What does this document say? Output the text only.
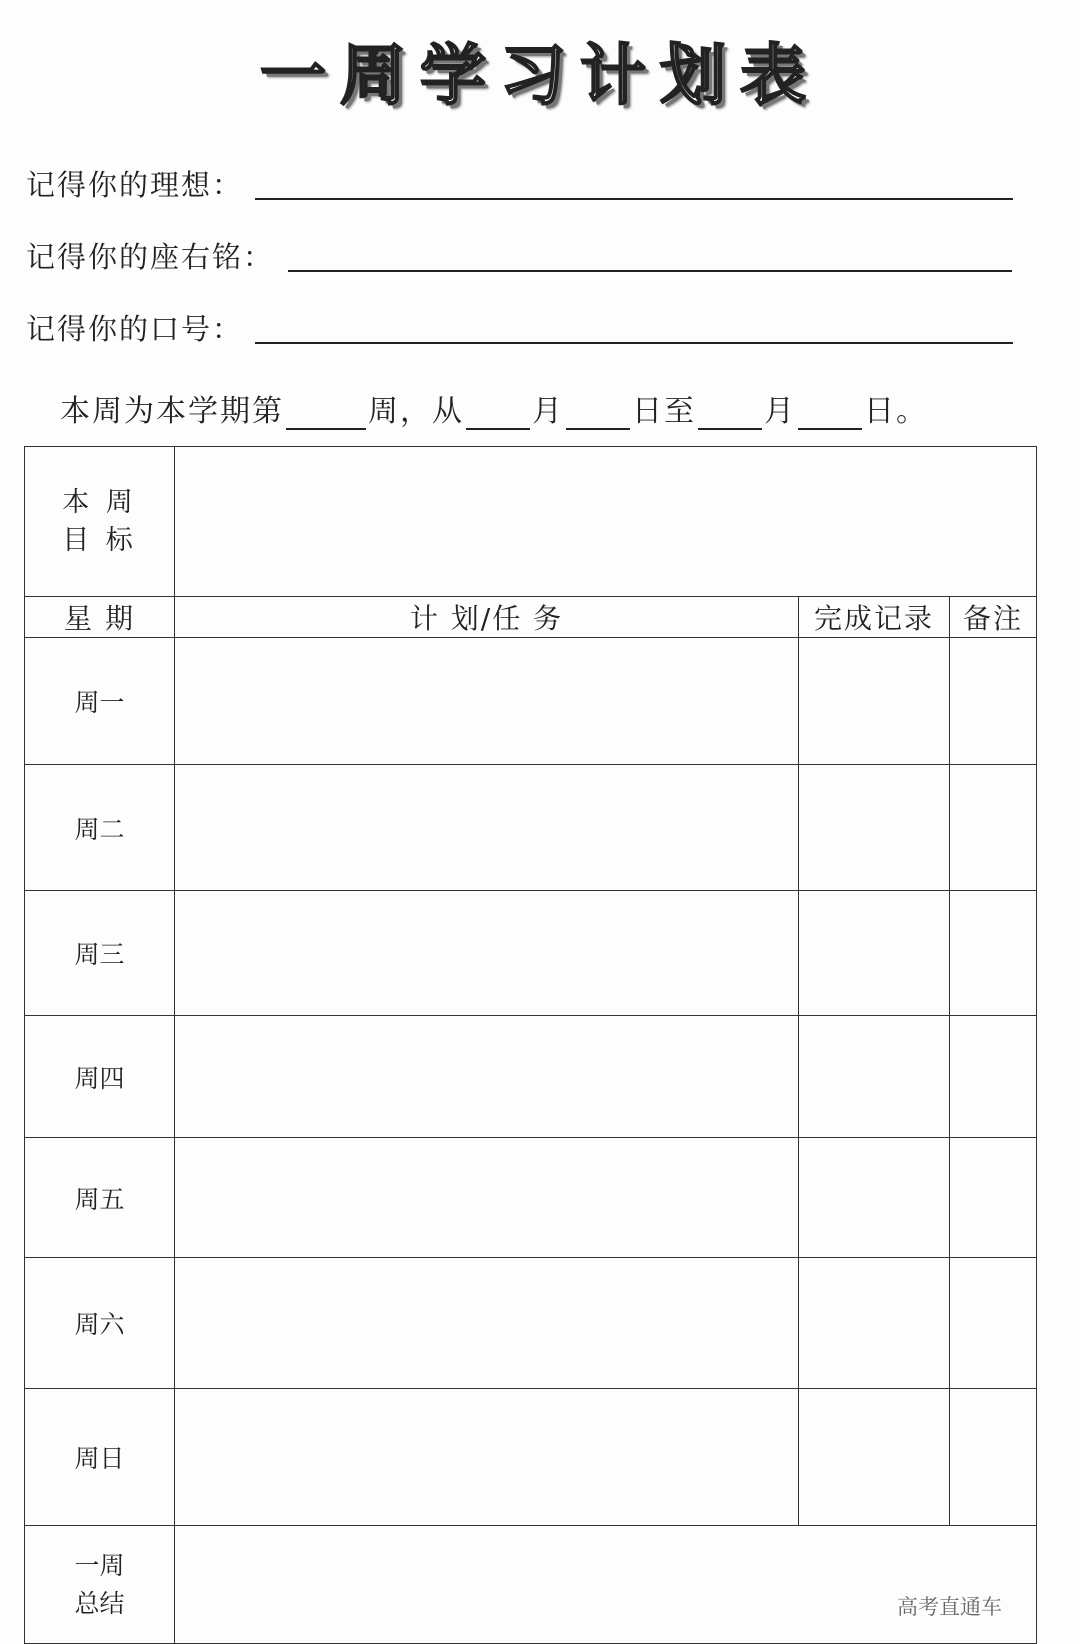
一周学习计划表
记得你的理想：
记得你的座右铭：
记得你的口号：
本周为本学期第	周，从 月 日至 月 日。
本 周
目 标			

星 期	计 划/任 务	完成记录	备注
周一			
周二			
周三			
周四			
周五			
周六			
周日			

一周
总结			
		高考直通车
